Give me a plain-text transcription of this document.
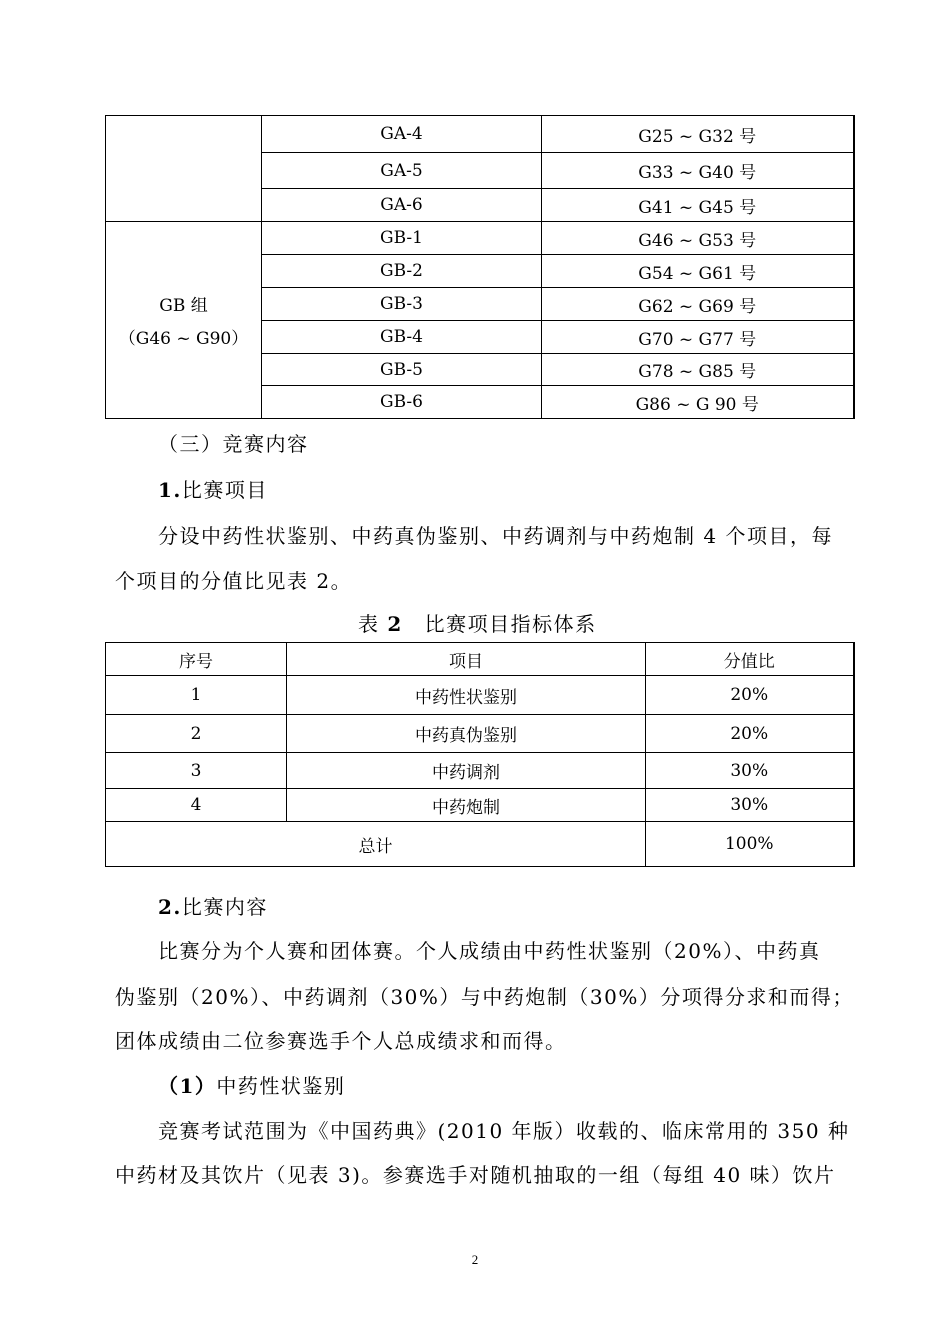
	GA-4	G25 ~ G32 号
	GA-5	G33 ~ G40 号
	GA-6	G41 ~ G45 号

GB 组
（G46 ~ G90）	GB-1	G46 ~ G53 号
	GB-2	G54 ~ G61 号
	GB-3	G62 ~ G69 号
	GB-4	G70 ~ G77 号
	GB-5	G78 ~ G85 号
	GB-6	G86 ~ G 90 号

（三）竞赛内容

1.比赛项目

分设中药性状鉴别、中药真伪鉴别、中药调剂与中药炮制 4 个项目，每

个项目的分值比见表 2。

表 2 比赛项目指标体系

序号	项目	分值比
1	中药性状鉴别	20%
2	中药真伪鉴别	20%
3	中药调剂	30%
4	中药炮制	30%
总计		100%

2.比赛内容

比赛分为个人赛和团体赛。个人成绩由中药性状鉴别（20%）、中药真

伪鉴别（20%）、中药调剂（30%）与中药炮制（30%）分项得分求和而得；

团体成绩由二位参赛选手个人总成绩求和而得。

（1）中药性状鉴别

竞赛考试范围为《中国药典》(2010 年版）收载的、临床常用的 350 种

中药材及其饮片（见表 3)。参赛选手对随机抽取的一组（每组 40 味）饮片

2
